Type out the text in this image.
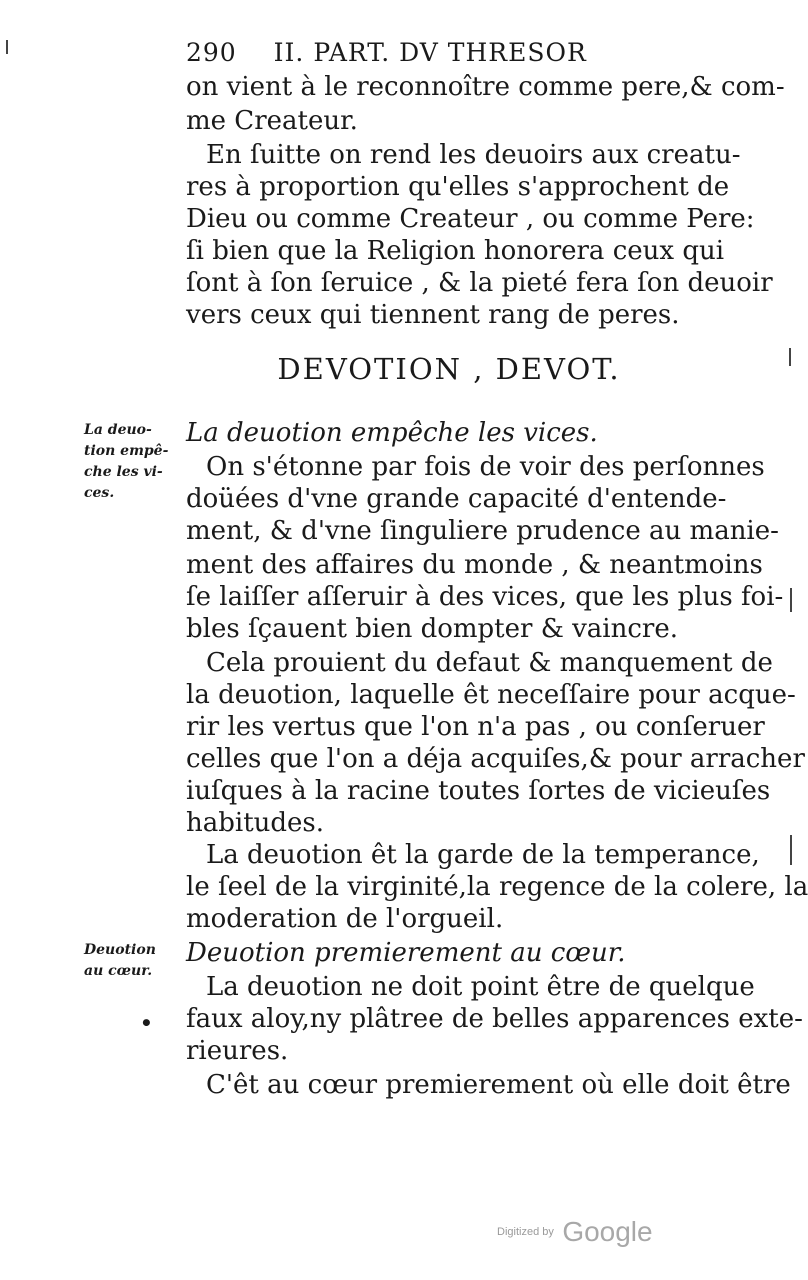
290 II. PART. DV THRESOR
on vient à le reconnoître comme pere,& com-
me Createur.
En ſuitte on rend les deuoirs aux creatu-
res à proportion qu'elles s'approchent de
Dieu ou comme Createur , ou comme Pere:
ſi bien que la Religion honorera ceux qui
ſont à ſon ſeruice , & la pieté fera ſon deuoir
vers ceux qui tiennent rang de peres.
DEVOTION , DEVOT.
La deuo-
tion empê-
che les vi-
ces.
La deuotion empêche les vices.
On s'étonne par fois de voir des perſonnes
doüées d'vne grande capacité d'entende-
ment, & d'vne ſinguliere prudence au manie-
ment des affaires du monde , & neantmoins
ſe laiſſer aſſeruir à des vices, que les plus foi-
bles ſçauent bien dompter & vaincre.
Cela prouient du defaut & manquement de
la deuotion, laquelle êt neceſſaire pour acque-
rir les vertus que l'on n'a pas , ou conſeruer
celles que l'on a déja acquiſes,& pour arracher
iuſques à la racine toutes ſortes de vicieuſes
habitudes.
La deuotion êt la garde de la temperance,
le ſeel de la virginité,la regence de la colere, la
moderation de l'orgueil.
Deuotion
au cœur.
Deuotion premierement au cœur.
La deuotion ne doit point être de quelque
faux aloy,ny plâtree de belles apparences exte-
rieures.
C'êt au cœur premierement où elle doit être
•
Digitized by Google
